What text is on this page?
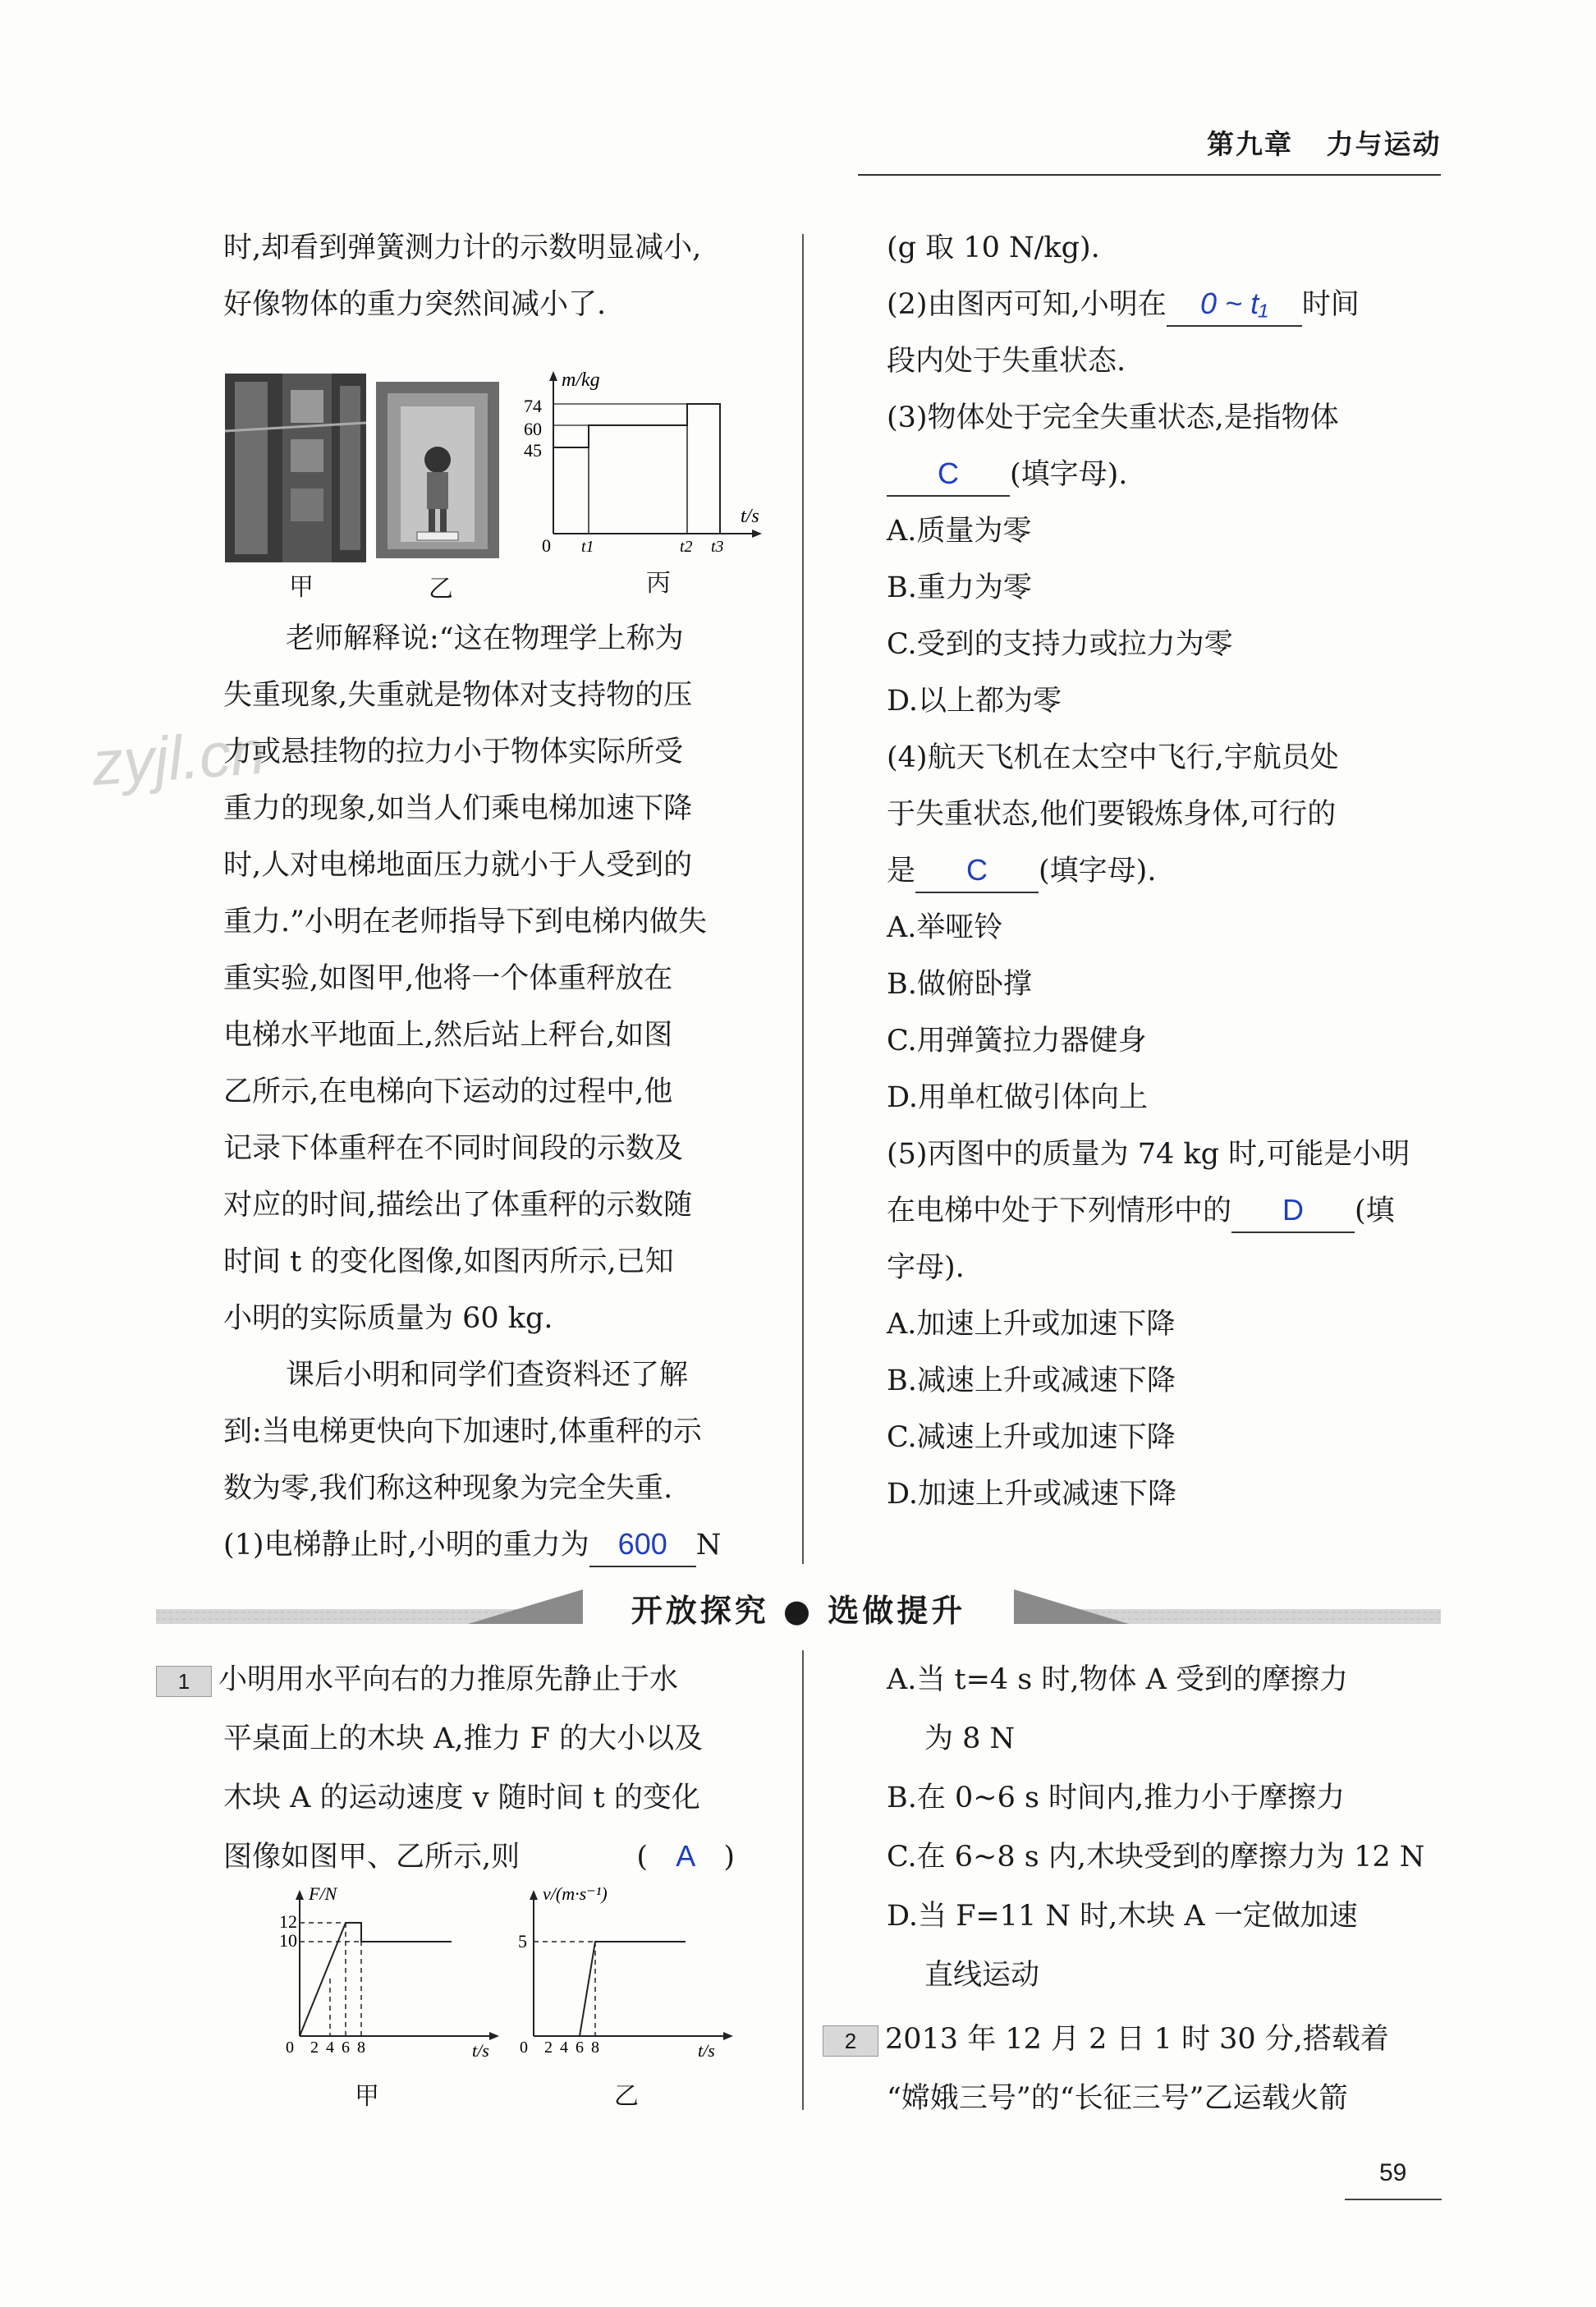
第九章 力与运动
zyjl.cn
时,却看到弹簧测力计的示数明显减小,
好像物体的重力突然间减小了.
m/kg
t/s
74
60
45
0 t1	t2 t3
甲	乙	丙
老师解释说:“这在物理学上称为
失重现象,失重就是物体对支持物的压
力或悬挂物的拉力小于物体实际所受
重力的现象,如当人们乘电梯加速下降
时,人对电梯地面压力就小于人受到的
重力.”小明在老师指导下到电梯内做失
重实验,如图甲,他将一个体重秤放在
电梯水平地面上,然后站上秤台,如图
乙所示,在电梯向下运动的过程中,他
记录下体重秤在不同时间段的示数及
对应的时间,描绘出了体重秤的示数随
时间 t 的变化图像,如图丙所示,已知
小明的实际质量为 60 kg.
课后小明和同学们查资料还了解
到:当电梯更快向下加速时,体重秤的示
数为零,我们称这种现象为完全失重.
(1)电梯静止时,小明的重力为 600 N
(g 取 10 N/kg).
(2)由图丙可知,小明在 0 ~ t₁ 时间
段内处于失重状态.
(3)物体处于完全失重状态,是指物体
C (填字母).
A.质量为零
B.重力为零
C.受到的支持力或拉力为零
D.以上都为零
(4)航天飞机在太空中飞行,宇航员处
于失重状态,他们要锻炼身体,可行的
是 C (填字母).
A.举哑铃
B.做俯卧撑
C.用弹簧拉力器健身
D.用单杠做引体向上
(5)丙图中的质量为 74 kg 时,可能是小明
在电梯中处于下列情形中的 D (填
字母).
A.加速上升或加速下降
B.减速上升或减速下降
C.减速上升或加速下降
D.加速上升或减速下降
开放探究 ● 选做提升
1 小明用水平向右的力推原先静止于水
平桌面上的木块 A,推力 F 的大小以及
木块 A 的运动速度 v 随时间 t 的变化
图像如图甲、乙所示,则	( A )
F/N
t/s
12
10
0 2 4 6 8
甲
v/(m·s⁻¹)
t/s
5
0 2 4 6 8
乙
A.当 t=4 s 时,物体 A 受到的摩擦力
为 8 N
B.在 0~6 s 时间内,推力小于摩擦力
C.在 6~8 s 内,木块受到的摩擦力为 12 N
D.当 F=11 N 时,木块 A 一定做加速
直线运动
2 2013 年 12 月 2 日 1 时 30 分,搭载着
“嫦娥三号”的“长征三号”乙运载火箭
59
